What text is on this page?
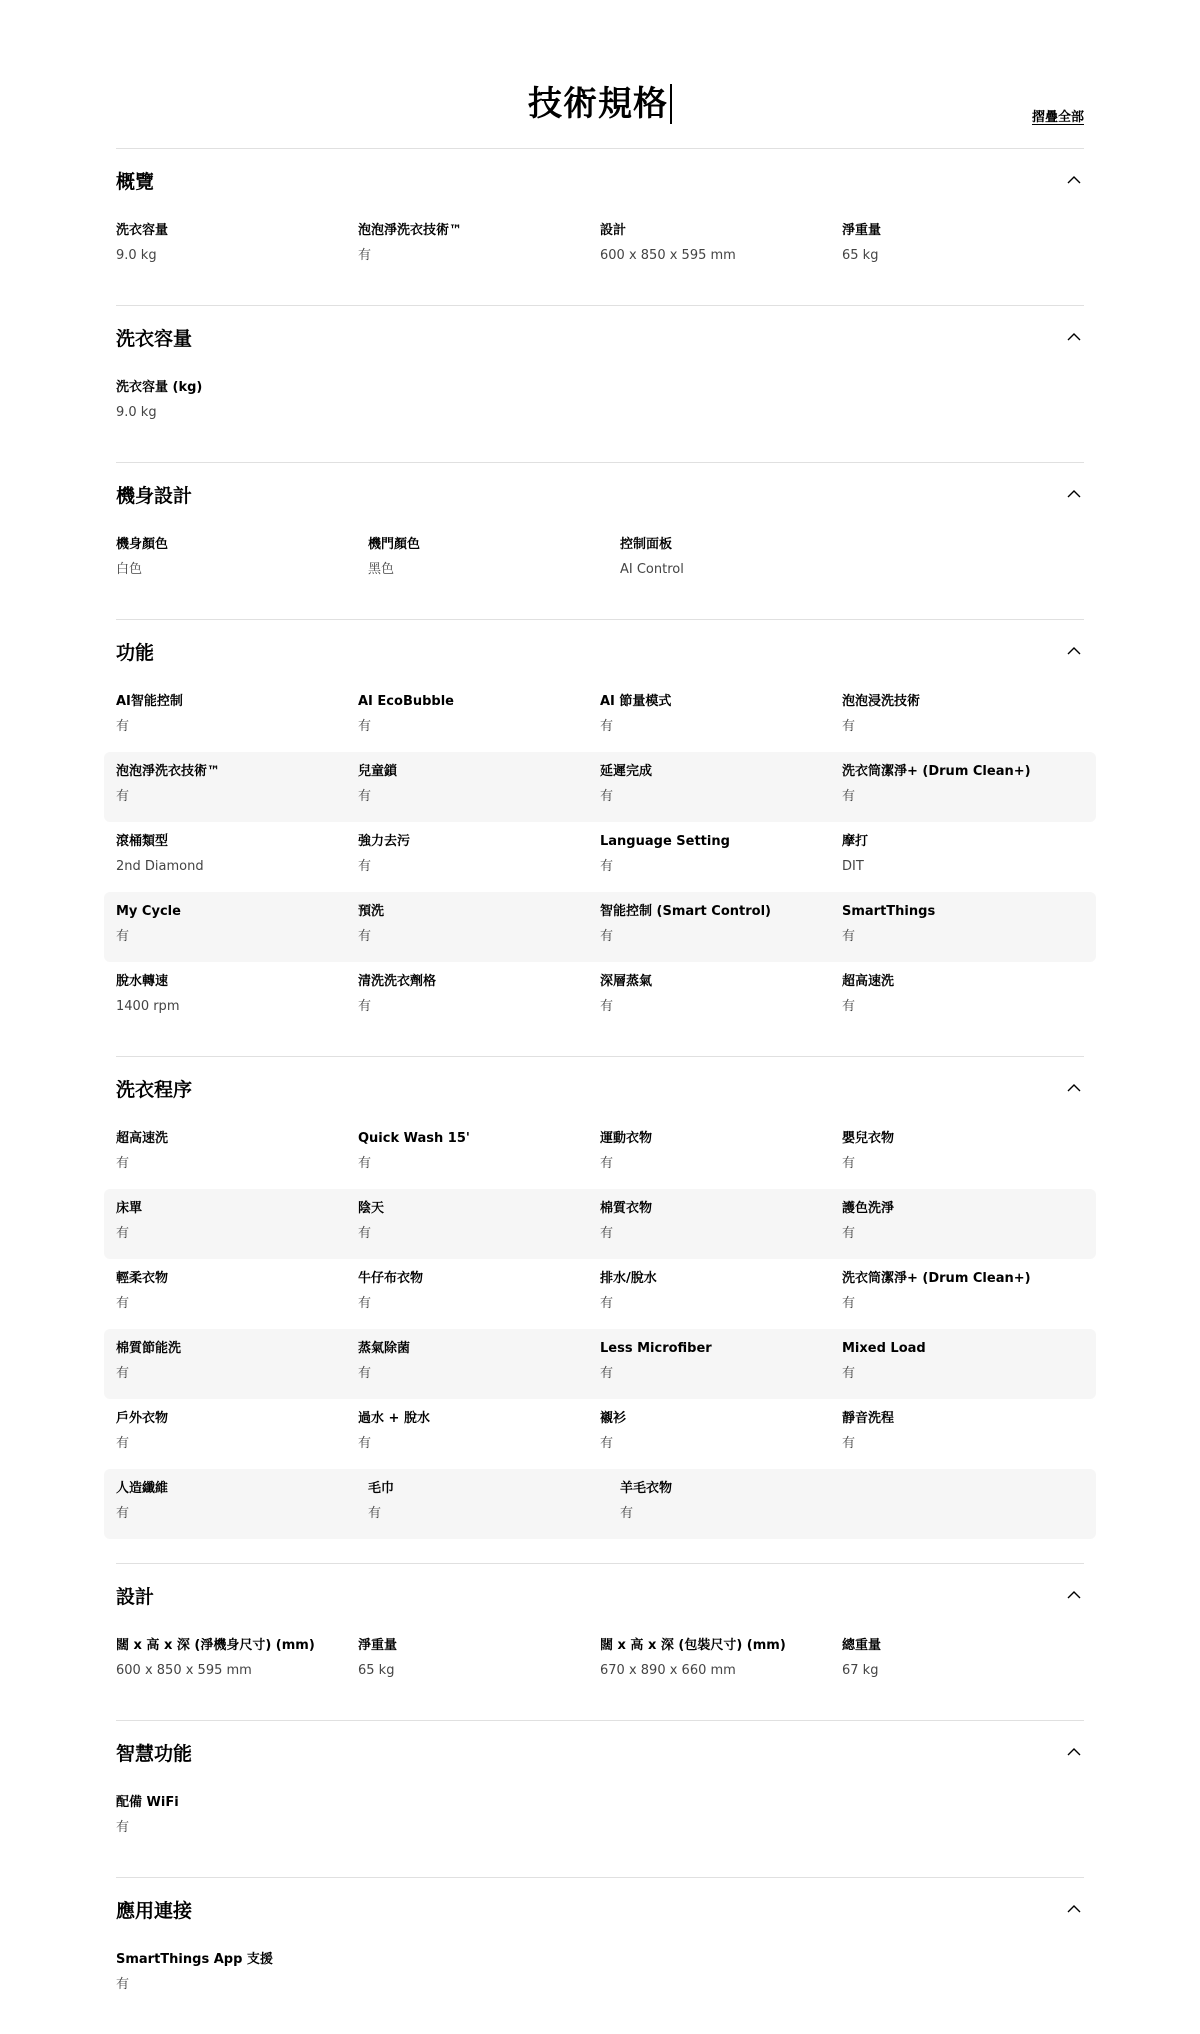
技術規格	摺疊全部
概覽
洗衣容量
9.0 kg
泡泡淨洗衣技術™
有
設計
600 x 850 x 595 mm
淨重量
65 kg
洗衣容量
洗衣容量 (kg)
9.0 kg
機身設計
機身顏色
白色
機門顏色
黑色
控制面板
AI Control
功能
AI智能控制
有
AI EcoBubble
有
AI 節量模式
有
泡泡浸洗技術
有
泡泡淨洗衣技術™
有
兒童鎖
有
延遲完成
有
洗衣筒潔淨+ (Drum Clean+)
有
滾桶類型
2nd Diamond
強力去污
有
Language Setting
有
摩打
DIT
My Cycle
有
預洗
有
智能控制 (Smart Control)
有
SmartThings
有
脫水轉速
1400 rpm
清洗洗衣劑格
有
深層蒸氣
有
超高速洗
有
洗衣程序
超高速洗
有
Quick Wash 15'
有
運動衣物
有
嬰兒衣物
有
床單
有
陰天
有
棉質衣物
有
護色洗淨
有
輕柔衣物
有
牛仔布衣物
有
排水/脫水
有
洗衣筒潔淨+ (Drum Clean+)
有
棉質節能洗
有
蒸氣除菌
有
Less Microfiber
有
Mixed Load
有
戶外衣物
有
過水 + 脫水
有
襯衫
有
靜音洗程
有
人造纖維
有
毛巾
有
羊毛衣物
有
設計
闊 x 高 x 深 (淨機身尺寸) (mm)
600 x 850 x 595 mm
淨重量
65 kg
闊 x 高 x 深 (包裝尺寸) (mm)
670 x 890 x 660 mm
總重量
67 kg
智慧功能
配備 WiFi
有
應用連接
SmartThings App 支援
有
